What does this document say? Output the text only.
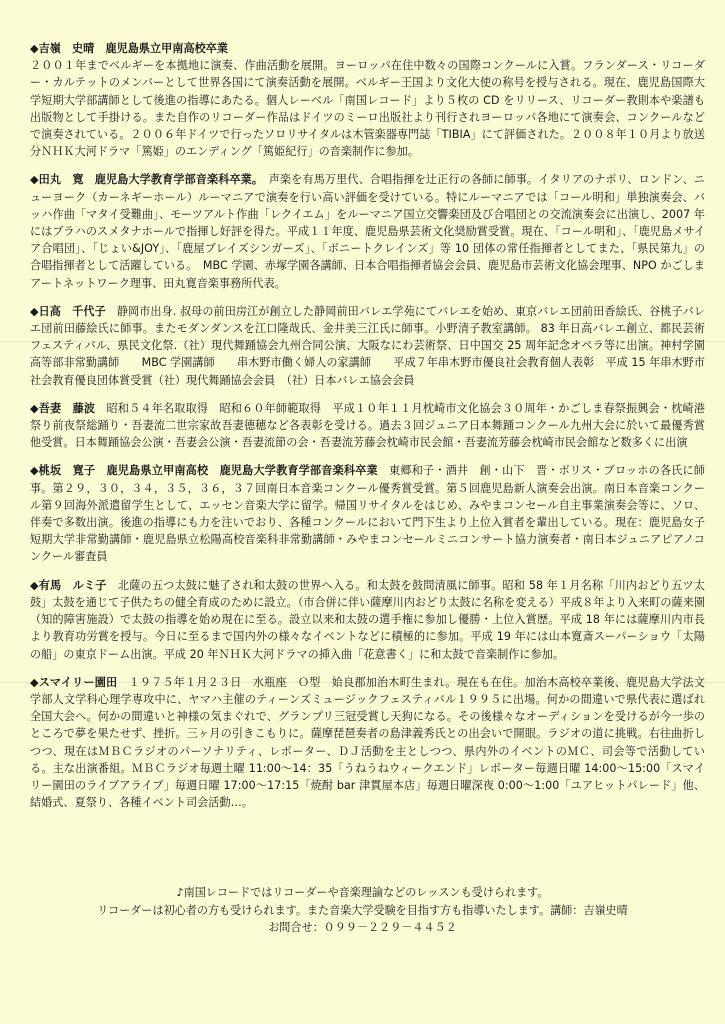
◆吉嶺　史晴　鹿児島県立甲南高校卒業
２００１年までベルギーを本拠地に演奏、作曲活動を展開。ヨーロッパ在住中数々の国際コンクールに入賞。フランダース・リコーダー・カルテットのメンバーとして世界各国にて演奏活動を展開。ベルギー王国より文化大使の称号を授与される。現在、鹿児島国際大学短期大学部講師として後進の指導にあたる。個人レーベル「南国レコード」より５枚の CD をリリース、リコーダー教則本や楽譜も出版物として手掛ける。また自作のリコーダー作品はドイツのミーロ出版社より刊行されヨーロッパ各地にて演奏会、コンクールなどで演奏されている。２００６年ドイツで行ったソロリサイタルは木管楽器専門誌「TIBIA」にて評価された。２００８年１０月より放送分ＮＨＫ大河ドラマ「篤姫」のエンディング「篤姫紀行」の音楽制作に参加。

◆田丸　寛　鹿児島大学教育学部音楽科卒業。　声楽を有馬万里代、合唱指揮を辻正行の各師に師事。イタリアのナポリ、ロンドン、ニューヨーク（カーネギーホール）ルーマニアで演奏を行い高い評価を受けている。特にルーマニアでは「コール明和」単独演奏会、バッハ作曲「マタイ受難曲」、モーツアルト作曲「レクイエム」をルーマニア国立交響楽団及び合唱団との交流演奏会に出演し、2007 年にはブラハのスメタナホールで指揮し好評を得た。平成１１年度、鹿児島県芸術文化奨励賞受賞。現在、「コール明和」、「鹿児島メサイア合唱団」、「じょい&JOY」、「鹿屋ブレイズシンガーズ」、「ボニートクレインズ」等 10 団体の常任指揮者としてまた、「県民第九」の合唱指揮者として活躍している。　MBC 学園、赤塚学園各講師、日本合唱指揮者協会会員、鹿児島市芸術文化協会理事、NPO かごしまアートネットワーク理事、田丸寛音楽事務所代表。

◆日高　千代子　静岡市出身. 叔母の前田房江が創立した静岡前田バレエ学苑にてバレエを始め、東京バレエ団前田香絵氏、谷桃子バレエ団前田藤絵氏に師事。またモダンダンスを江口隆哉氏、金井美三江氏に師事。小野清子教室講師。 83 年日高バレエ創立、都民芸術フェスティバル、県民文化祭.（社）現代舞踊協会九州合同公演、大阪なにわ芸術祭、日中国交 25 周年記念オペラ等に出演。神村学園高等部非常勤講師　　MBC 学園講師　　串木野市働く婦人の家講師　　平成７年串木野市優良社会教育個人表彰　平成 15 年串木野市社会教育優良団体賞受賞（社）現代舞踊協会会員　（社）日本バレエ協会会員

◆吾妻　藤波　昭和５４年名取取得　昭和６０年師範取得　平成１０年１１月枕崎市文化協会３０周年・かごしま春祭振興会・枕崎港祭り前夜祭総踊り・吾妻流二世宗家故吾妻德穂など各表彰を受ける。過去３回ジュニア日本舞踊コンクール九州大会に於いて最優秀賞他受賞。日本舞踊協会公演・吾妻会公演・吾妻流節の会・吾妻流芳藤会枕崎市民会館・吾妻流芳藤会枕崎市民会館など数多くに出演

◆桃坂　寛子　鹿児島県立甲南高校　鹿児島大学教育学部音楽科卒業　東郷和子・酒井　創・山下　晋・ボリス・ブロッホの各氏に師事。第２９，３０，３４，３５，３６，３７回南日本音楽コンクール優秀賞受賞。第５回鹿児島新人演奏会出演。南日本音楽コンクール第９回海外派遣留学生として、エッセン音楽大学に留学。帰国リサイタルをはじめ、みやまコンセール自主事業演奏会等に、ソロ、伴奏で多数出演。後進の指導にも力を注いでおり、各種コンクールにおいて門下生より上位入賞者を輩出している。現在：鹿児島女子短期大学非常勤講師・鹿児島県立松陽高校音楽科非常勤講師・みやまコンセールミニコンサート協力演奏者・南日本ジュニアピアノコンクール審査員

◆有馬　ルミ子　北薩の五つ太鼓に魅了され和太鼓の世界へ入る。和太鼓を鼓問清風に師事。昭和 58 年１月名称「川内おどり五ツ太鼓」太鼓を通じて子供たちの健全育成のために設立。（市合併に伴い薩摩川内おどり太鼓に名称を変える）平成８年より入来町の薩来園（知的障害施設）で太鼓の指導を始め現在に至る。設立以来和太鼓の選手権に参加し優勝・上位入賞歴。平成 18 年には薩摩川内市長より教育功労賞を授与。今日に至るまで国内外の様々なイベントなどに積極的に参加。平成 19 年には山本寛斎スーパーショウ「太陽の船」の東京ドーム出演。平成 20 年ＮＨＫ大河ドラマの挿入曲「花意書く」に和太鼓で音楽制作に参加。

◆スマイリー園田　１９７５年１月２３日　水瓶座　Ｏ型　姶良郡加治木町生まれ。現在も在住。加治木高校卒業後、鹿児島大学法文学部人文学科心理学専攻中に、ヤマハ主催のティーンズミュージックフェスティバル１９９５に出場。何かの間違いで県代表に選ばれ全国大会へ。何かの間違いと神様の気まぐれで、グランプリ三冠受賞し天狗になる。その後様々なオーディションを受けるが今一歩のところで夢を果たせず、挫折。三ヶ月の引きこもりに。薩摩琵琶奏者の島津義秀氏との出会いで開眼。ラジオの道に挑戦。右往曲折しつつ、現在はＭＢＣラジオのパーソナリティ、レポーター、ＤＪ活動を主としつつ、県内外のイベントのＭＣ、司会等で活動している。主な出演番組。ＭＢＣラジオ毎週土曜 11:00～14：35「うねうねウィークエンド」レポーター毎週日曜 14:00～15:00「スマイリー園田のライブアライブ」毎週日曜 17:00～17:15「焼酎 bar 津貫屋本店」毎週日曜深夜 0:00～1:00「ユアヒットパレード」他、結婚式、夏祭り、各種イベント司会活動…。

♪南国レコードではリコーダーや音楽理論などのレッスンも受けられます。
リコーダーは初心者の方も受けられます。また音楽大学受験を目指す方も指導いたします。講師：吉嶺史晴
お問合せ：０９９－２２９－４４５２
